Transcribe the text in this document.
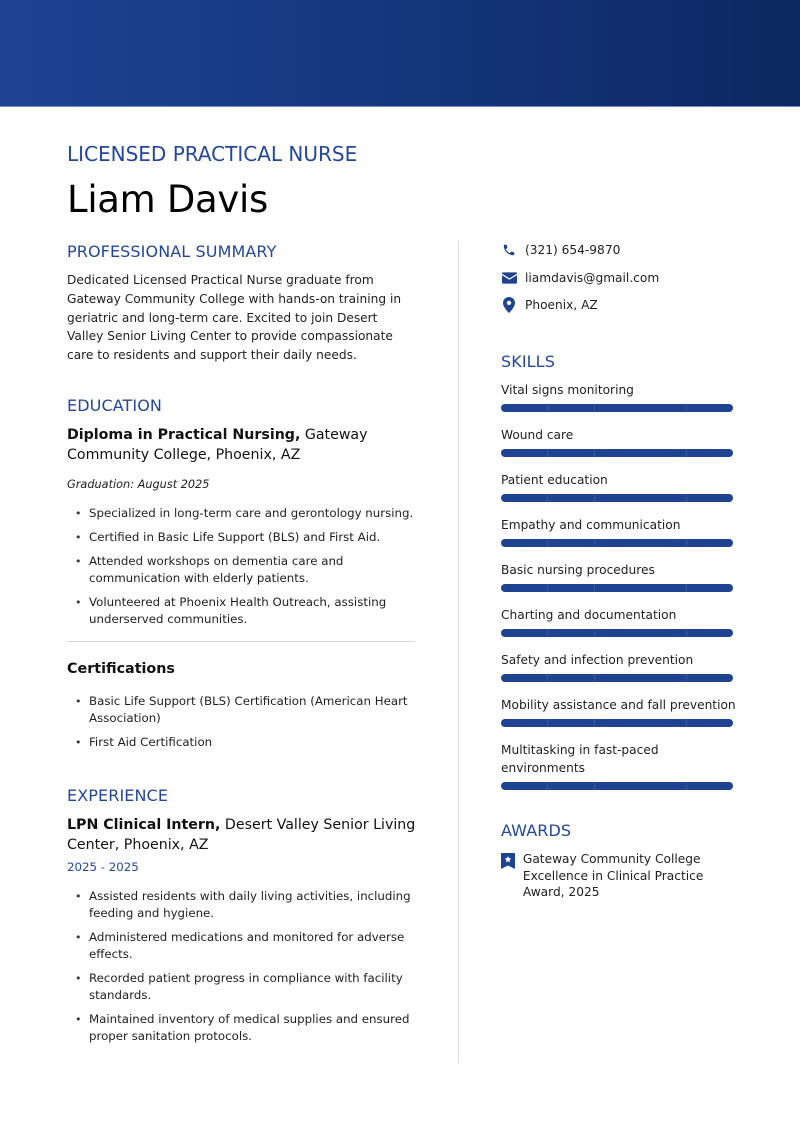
LICENSED PRACTICAL NURSE
Liam Davis
PROFESSIONAL SUMMARY

Dedicated Licensed Practical Nurse graduate from Gateway Community College with hands-on training in geriatric and long-term care. Excited to join Desert Valley Senior Living Center to provide compassionate care to residents and support their daily needs.

EDUCATION
Diploma in Practical Nursing, Gateway Community College, Phoenix, AZ
Graduation: August 2025
• Specialized in long-term care and gerontology nursing.
• Certified in Basic Life Support (BLS) and First Aid.
• Attended workshops on dementia care and communication with elderly patients.
• Volunteered at Phoenix Health Outreach, assisting underserved communities.
Certifications
• Basic Life Support (BLS) Certification (American Heart Association)
• First Aid Certification
EXPERIENCE
LPN Clinical Intern, Desert Valley Senior Living Center, Phoenix, AZ
2025 - 2025
• Assisted residents with daily living activities, including feeding and hygiene.
• Administered medications and monitored for adverse effects.
• Recorded patient progress in compliance with facility standards.
• Maintained inventory of medical supplies and ensured proper sanitation protocols.
(321) 654-9870
liamdavis@gmail.com
Phoenix, AZ
SKILLS
Vital signs monitoring
Wound care
Patient education
Empathy and communication
Basic nursing procedures
Charting and documentation
Safety and infection prevention
Mobility assistance and fall prevention
Multitasking in fast-paced environments
AWARDS
Gateway Community College Excellence in Clinical Practice Award, 2025
